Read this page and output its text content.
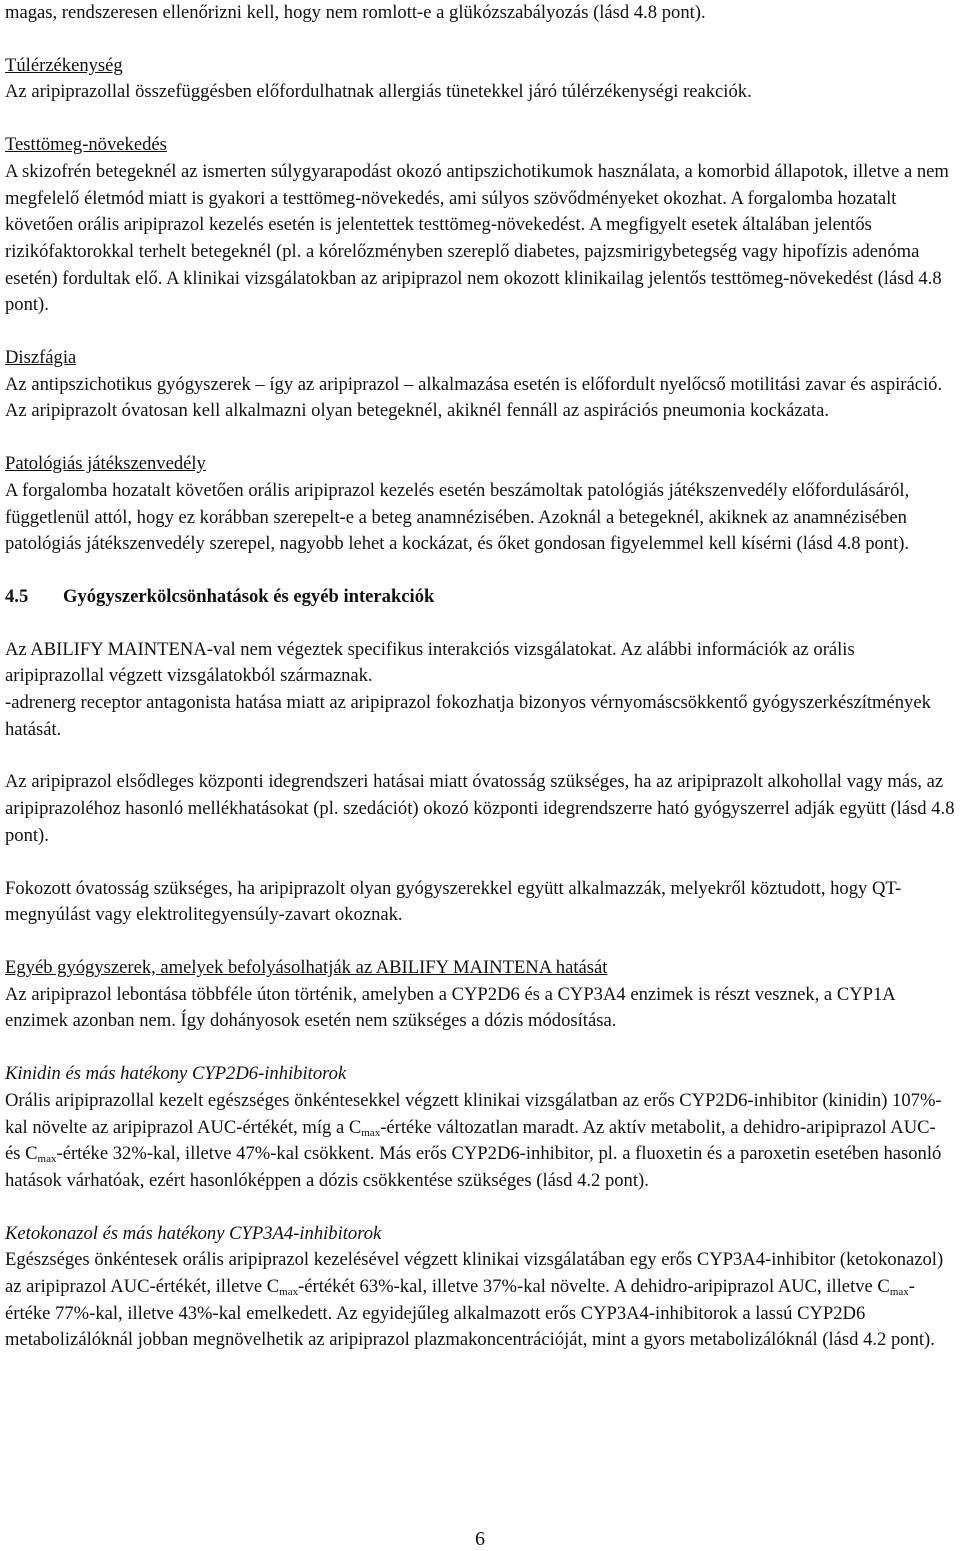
magas, rendszeresen ellenőrizni kell, hogy nem romlott-e a glükózszabályozás (lásd 4.8 pont).

Túlérzékenység

Az aripiprazollal összefüggésben előfordulhatnak allergiás tünetekkel járó túlérzékenységi reakciók.

Testtömeg-növekedés

A skizofrén betegeknél az ismerten súlygyarapodást okozó antipszichotikumok használata, a komorbid állapotok, illetve a nem megfelelő életmód miatt is gyakori a testtömeg-növekedés, ami súlyos szövődményeket okozhat. A forgalomba hozatalt követően orális aripiprazol kezelés esetén is jelentettek testtömeg-növekedést. A megfigyelt esetek általában jelentős rizikófaktorokkal terhelt betegeknél (pl. a kórelőzményben szereplő diabetes, pajzsmirigybetegség vagy hipofízis adenóma esetén) fordultak elő. A klinikai vizsgálatokban az aripiprazol nem okozott klinikailag jelentős testtömeg-növekedést (lásd 4.8 pont).

Diszfágia

Az antipszichotikus gyógyszerek – így az aripiprazol – alkalmazása esetén is előfordult nyelőcső motilitási zavar és aspiráció. Az aripiprazolt óvatosan kell alkalmazni olyan betegeknél, akiknél fennáll az aspirációs pneumonia kockázata.

Patológiás játékszenvedély

A forgalomba hozatalt követően orális aripiprazol kezelés esetén beszámoltak patológiás játékszenvedély előfordulásáról, függetlenül attól, hogy ez korábban szerepelt-e a beteg anamnézisében. Azoknál a betegeknél, akiknek az anamnézisében patológiás játékszenvedély szerepel, nagyobb lehet a kockázat, és őket gondosan figyelemmel kell kísérni (lásd 4.8 pont).

4.5 Gyógyszerkölcsönhatások és egyéb interakciók

Az ABILIFY MAINTENA-val nem végeztek specifikus interakciós vizsgálatokat. Az alábbi információk az orális aripiprazollal végzett vizsgálatokból származnak.

-adrenerg receptor antagonista hatása miatt az aripiprazol fokozhatja bizonyos vérnyomáscsökkentő gyógyszerkészítmények hatását.

Az aripiprazol elsődleges központi idegrendszeri hatásai miatt óvatosság szükséges, ha az aripiprazolt alkohollal vagy más, az aripiprazoléhoz hasonló mellékhatásokat (pl. szedációt) okozó központi idegrendszerre ható gyógyszerrel adják együtt (lásd 4.8 pont).

Fokozott óvatosság szükséges, ha aripiprazolt olyan gyógyszerekkel együtt alkalmazzák, melyekről köztudott, hogy QT-megnyúlást vagy elektrolitegyensúly-zavart okoznak.

Egyéb gyógyszerek, amelyek befolyásolhatják az ABILIFY MAINTENA hatását

Az aripiprazol lebontása többféle úton történik, amelyben a CYP2D6 és a CYP3A4 enzimek is részt vesznek, a CYP1A enzimek azonban nem. Így dohányosok esetén nem szükséges a dózis módosítása.

Kinidin és más hatékony CYP2D6-inhibitorok

Orális aripiprazollal kezelt egészséges önkéntesekkel végzett klinikai vizsgálatban az erős CYP2D6-inhibitor (kinidin) 107%-kal növelte az aripiprazol AUC-értékét, míg a $C_{max}$-értéke változatlan maradt. Az aktív metabolit, a dehidro-aripiprazol AUC- és $C_{max}$-értéke 32%-kal, illetve 47%-kal csökkent. Más erős CYP2D6-inhibitor, pl. a fluoxetin és a paroxetin esetében hasonló hatások várhatóak, ezért hasonlóképpen a dózis csökkentése szükséges (lásd 4.2 pont).

Ketokonazol és más hatékony CYP3A4-inhibitorok

Egészséges önkéntesek orális aripiprazol kezelésével végzett klinikai vizsgálatában egy erős CYP3A4-inhibitor (ketokonazol) az aripiprazol AUC-értékét, illetve $C_{max}$-értékét 63%-kal, illetve 37%-kal növelte. A dehidro-aripiprazol AUC, illetve $C_{max}$-értéke 77%-kal, illetve 43%-kal emelkedett. Az egyidejűleg alkalmazott erős CYP3A4-inhibitorok a lassú CYP2D6 metabolizálóknál jobban megnövelhetik az aripiprazol plazmakoncentrációját, mint a gyors metabolizálóknál (lásd 4.2 pont).

6
